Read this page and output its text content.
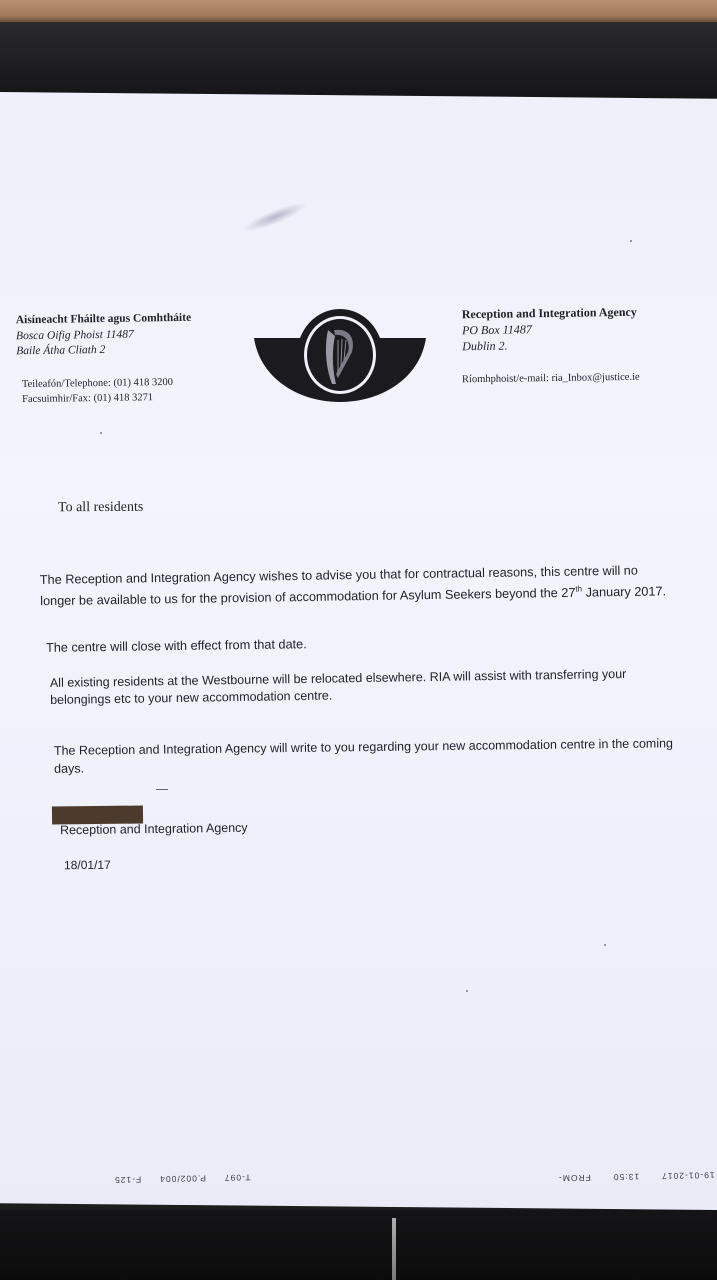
Aisíneacht Fháilte agus Comhtháite
Bosca Oifig Phoist 11487
Baile Átha Cliath 2
Teileafón/Telephone: (01) 418 3200
Facsuimhir/Fax: (01) 418 3271
Reception and Integration Agency
PO Box 11487
Dublin 2.
Ríomhphoist/e-mail: ria_Inbox@justice.ie
To all residents
The Reception and Integration Agency wishes to advise you that for contractual reasons, this centre will no longer be available to us for the provision of accommodation for Asylum Seekers beyond the 27th January 2017.
The centre will close with effect from that date.
All existing residents at the Westbourne will be relocated elsewhere. RIA will assist with transferring your belongings etc to your new accommodation centre.
The Reception and Integration Agency will write to you regarding your new accommodation centre in the coming days.
Reception and Integration Agency
18/01/17
T-097P.002/004F-125	19-01-201713:50FROM-
